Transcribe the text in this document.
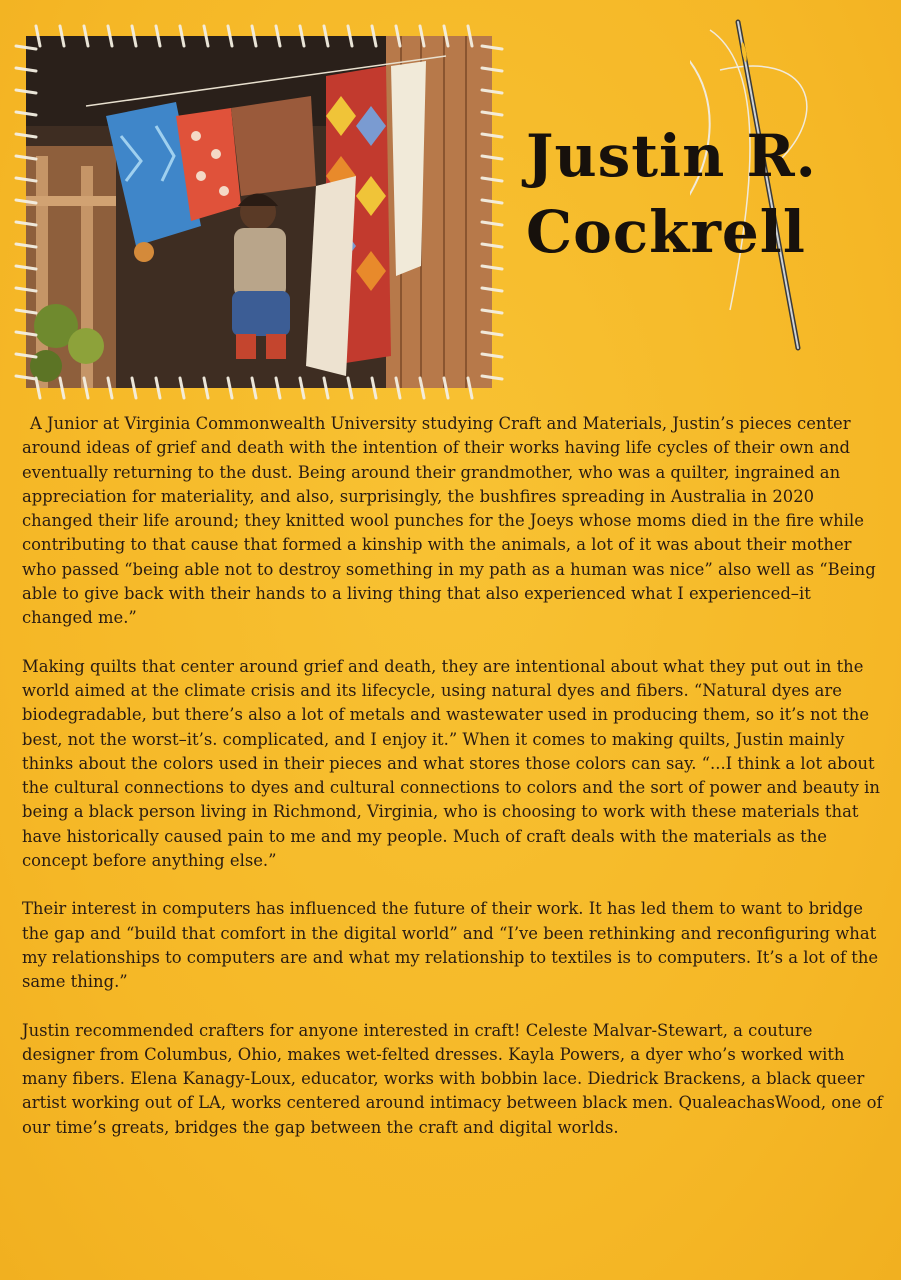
Justin R.
Cockrell

A Junior at Virginia Commonwealth University studying Craft and Materials, Justin’s pieces center around ideas of grief and death with the intention of their works having life cycles of their own and eventually returning to the dust. Being around their grandmother, who was a quilter, ingrained an appreciation for materiality, and also, surprisingly, the bushfires spreading in Australia in 2020 changed their life around; they knitted wool punches for the Joeys whose moms died in the fire while contributing to that cause that formed a kinship with the animals, a lot of it was about their mother who passed “being able not to destroy something in my path as a human was nice” also well as “Being able to give back with their hands to a living thing that also experienced what I experienced–it changed me.”

Making quilts that center around grief and death, they are intentional about what they put out in the world aimed at the climate crisis and its lifecycle, using natural dyes and fibers. “Natural dyes are biodegradable, but there’s also a lot of metals and wastewater used in producing them, so it’s not the best, not the worst–it’s. complicated, and I enjoy it.” When it comes to making quilts, Justin mainly thinks about the colors used in their pieces and what stores those colors can say. “...I think a lot about the cultural connections to dyes and cultural connections to colors and the sort of power and beauty in being a black person living in Richmond, Virginia, who is choosing to work with these materials that have historically caused pain to me and my people. Much of craft deals with the materials as the concept before anything else.”

Their interest in computers has influenced the future of their work. It has led them to want to bridge the gap and “build that comfort in the digital world” and “I’ve been rethinking and reconfiguring what my relationships to computers are and what my relationship to textiles is to computers. It’s a lot of the same thing.”

Justin recommended crafters for anyone interested in craft! Celeste Malvar-Stewart, a couture designer from Columbus, Ohio, makes wet-felted dresses. Kayla Powers, a dyer who’s worked with many fibers. Elena Kanagy-Loux, educator, works with bobbin lace. Diedrick Brackens, a black queer artist working out of LA, works centered around intimacy between black men. QualeachasWood, one of our time’s greats, bridges the gap between the craft and digital worlds.
